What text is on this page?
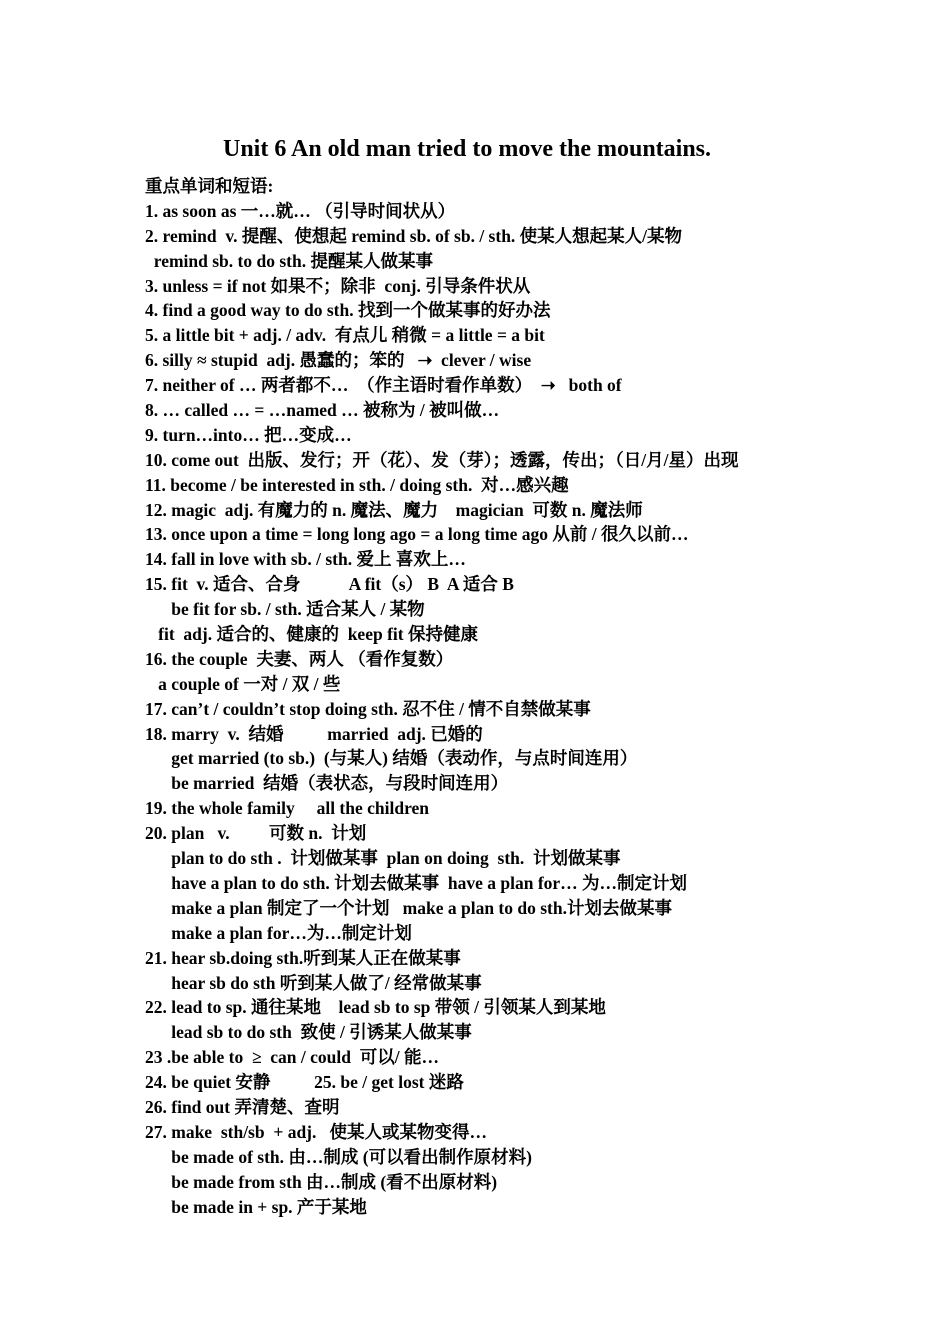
Unit 6 An old man tried to move the mountains.
重点单词和短语:
1. as soon as 一…就… （引导时间状从）
2. remind  v. 提醒、使想起 remind sb. of sb. / sth. 使某人想起某人/某物
remind sb. to do sth. 提醒某人做某事
3. unless = if not 如果不；除非  conj. 引导条件状从
4. find a good way to do sth. 找到一个做某事的好办法
5. a little bit + adj. / adv.  有点儿 稍微 = a little = a bit
6. silly ≈ stupid  adj. 愚蠢的；笨的   ➝  clever / wise
7. neither of … 两者都不…  （作主语时看作单数）  ➝   both of
8. … called … = …named … 被称为 / 被叫做…
9. turn…into… 把…变成…
10. come out  出版、发行；开（花）、发（芽）；透露，传出；（日/月/星）出现
11. become / be interested in sth. / doing sth.  对…感兴趣
12. magic  adj. 有魔力的 n. 魔法、魔力    magician  可数 n. 魔法师
13. once upon a time = long long ago = a long time ago 从前 / 很久以前…
14. fall in love with sb. / sth. 爱上 喜欢上…
15. fit  v. 适合、合身           A fit（s） B  A 适合 B
be fit for sb. / sth. 适合某人 / 某物
fit  adj. 适合的、健康的  keep fit 保持健康
16. the couple  夫妻、两人 （看作复数）
a couple of 一对 / 双 / 些
17. can’t / couldn’t stop doing sth. 忍不住 / 情不自禁做某事
18. marry  v.  结婚          married  adj. 已婚的
get married (to sb.)  (与某人) 结婚（表动作，与点时间连用）
be married  结婚（表状态，与段时间连用）
19. the whole family     all the children
20. plan   v.         可数 n.  计划
plan to do sth .  计划做某事  plan on doing  sth.  计划做某事
have a plan to do sth. 计划去做某事  have a plan for… 为…制定计划
make a plan 制定了一个计划   make a plan to do sth.计划去做某事
make a plan for…为…制定计划
21. hear sb.doing sth.听到某人正在做某事
hear sb do sth 听到某人做了/ 经常做某事
22. lead to sp. 通往某地    lead sb to sp 带领 / 引领某人到某地
lead sb to do sth  致使 / 引诱某人做某事
23 .be able to  ≥  can / could  可以/ 能…
24. be quiet 安静          25. be / get lost 迷路
26. find out 弄清楚、查明
27. make  sth/sb  + adj.   使某人或某物变得…
be made of sth. 由…制成 (可以看出制作原材料)
be made from sth 由…制成 (看不出原材料)
be made in + sp. 产于某地
